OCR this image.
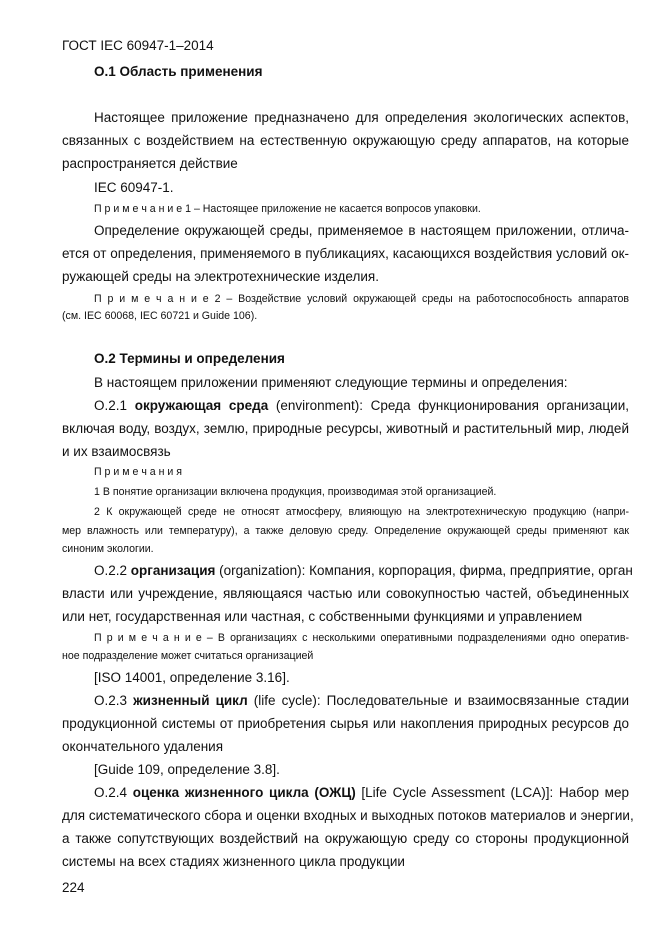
ГОСТ IEC 60947-1–2014
О.1 Область применения
Настоящее приложение предназначено для определения экологических аспектов,
связанных с воздействием на естественную окружающую среду аппаратов, на которые
распространяется действие
IEC 60947-1.
П р и м е ч а н и е 1 – Настоящее приложение не касается вопросов упаковки.
Определение окружающей среды, применяемое в настоящем приложении, отлича-
ется от определения, применяемого в публикациях, касающихся воздействия условий ок-
ружающей среды на электротехнические изделия.
П р и м е ч а н и е 2 – Воздействие условий окружающей среды на работоспособность аппаратов
(см. IEC 60068, IEC 60721 и Guide 106).
О.2 Термины и определения
В настоящем приложении применяют следующие термины и определения:
О.2.1 окружающая среда (environment): Среда функционирования организации,
включая воду, воздух, землю, природные ресурсы, животный и растительный мир, людей
и их взаимосвязь
П р и м е ч а н и я
1 В понятие организации включена продукция, производимая этой организацией.
2 К окружающей среде не относят атмосферу, влияющую на электротехническую продукцию (напри-
мер влажность или температуру), а также деловую среду. Определение окружающей среды применяют как
синоним экологии.
О.2.2 организация (organization): Компания, корпорация, фирма, предприятие, орган
власти или учреждение, являющаяся частью или совокупностью частей, объединенных
или нет, государственная или частная, с собственными функциями и управлением
П р и м е ч а н и е – В организациях с несколькими оперативными подразделениями одно оператив-
ное подразделение может считаться организацией
[ISO 14001, определение 3.16].
О.2.3 жизненный цикл (life cycle): Последовательные и взаимосвязанные стадии
продукционной системы от приобретения сырья или накопления природных ресурсов до
окончательного удаления
[Guide 109, определение 3.8].
О.2.4 оценка жизненного цикла (ОЖЦ) [Life Cycle Assessment (LCA)]: Набор мер
для систематического сбора и оценки входных и выходных потоков материалов и энергии,
а также сопутствующих воздействий на окружающую среду со стороны продукционной
системы на всех стадиях жизненного цикла продукции
224
